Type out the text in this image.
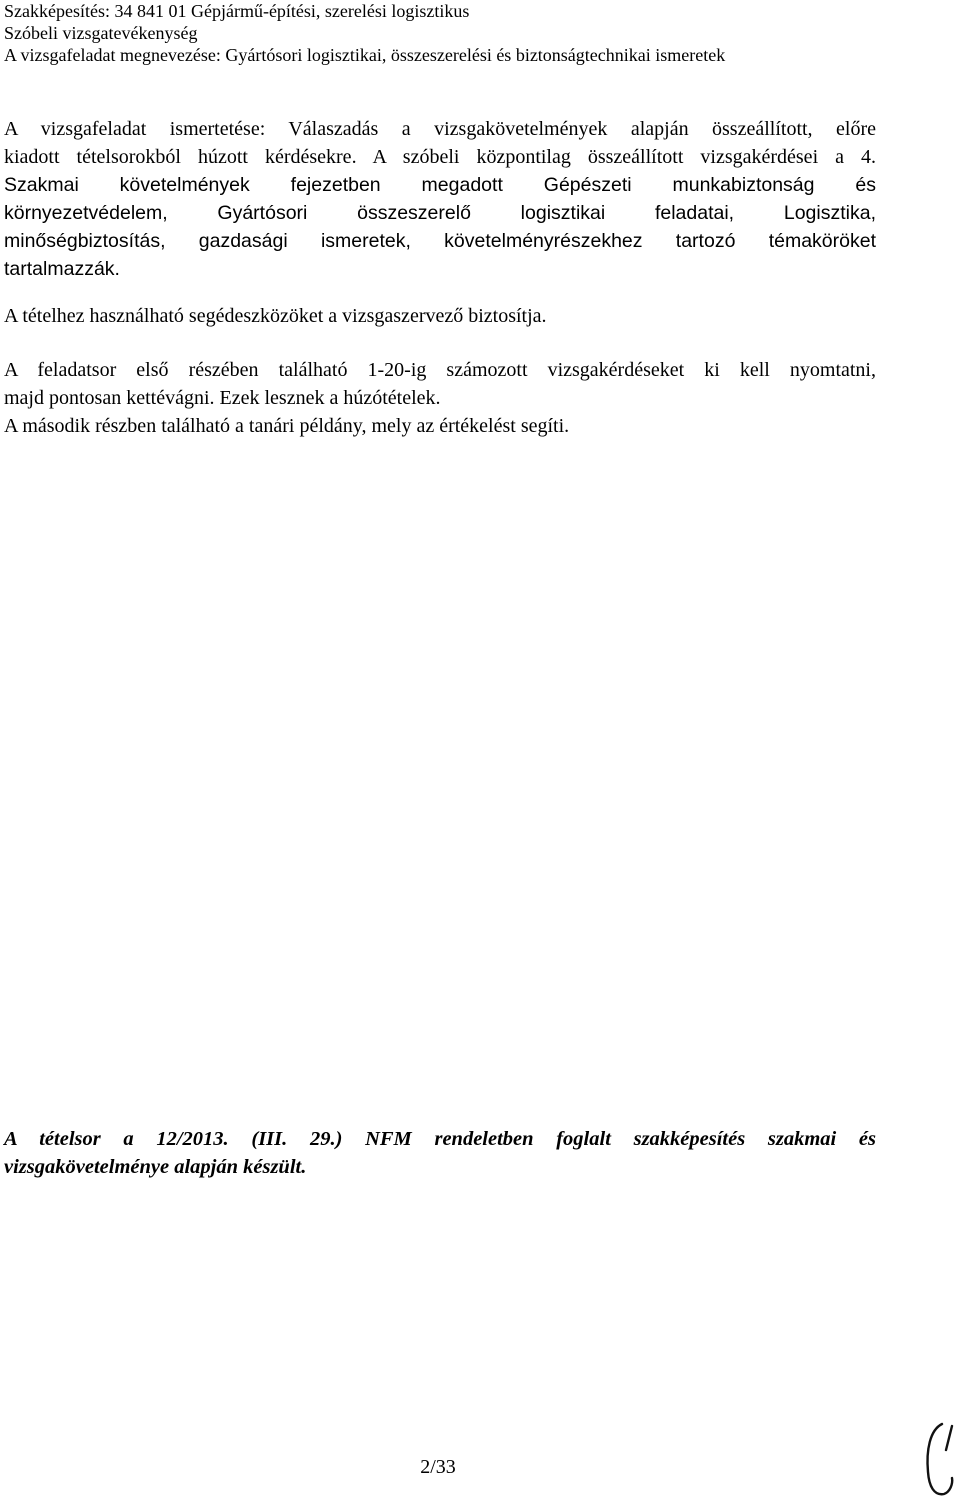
Szakképesítés: 34 841 01 Gépjármű-építési, szerelési logisztikus
Szóbeli vizsgatevékenység
A vizsgafeladat megnevezése: Gyártósori logisztikai, összeszerelési és biztonságtechnikai ismeretek
A vizsgafeladat ismertetése: Válaszadás a vizsgakövetelmények alapján összeállított, előre
kiadott tételsorokból húzott kérdésekre. A szóbeli központilag összeállított vizsgakérdései a 4.
Szakmai követelmények fejezetben megadott Gépészeti munkabiztonság és
környezetvédelem, Gyártósori összeszerelő logisztikai feladatai, Logisztika,
minőségbiztosítás, gazdasági ismeretek, követelményrészekhez tartozó témaköröket
tartalmazzák.
A tételhez használható segédeszközöket a vizsgaszervező biztosítja.
A feladatsor első részében található 1-20-ig számozott vizsgakérdéseket ki kell nyomtatni,
majd pontosan kettévágni. Ezek lesznek a húzótételek.
A második részben található a tanári példány, mely az értékelést segíti.
A tételsor a 12/2013. (III. 29.) NFM rendeletben foglalt szakképesítés szakmai és
vizsgakövetelménye alapján készült.
2/33
